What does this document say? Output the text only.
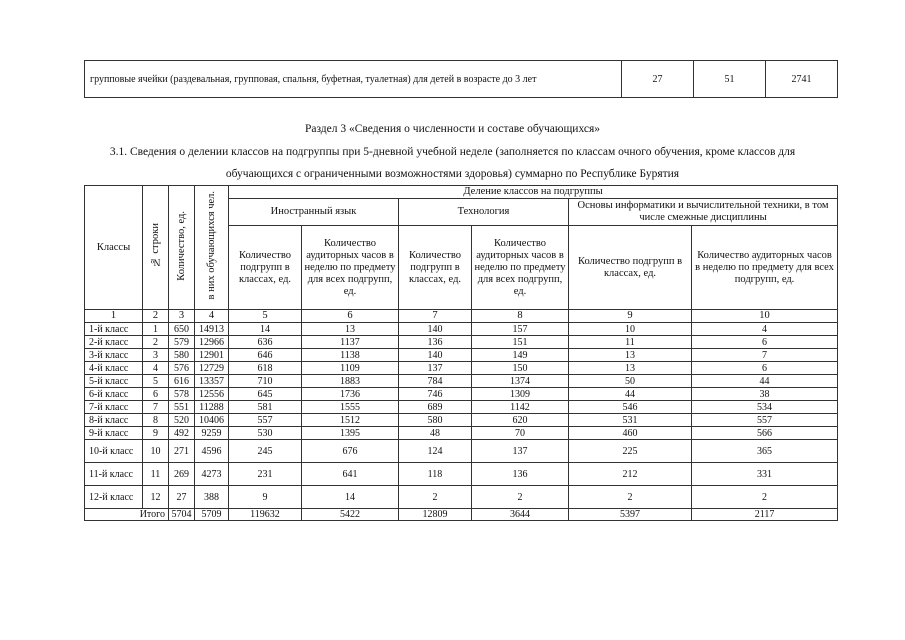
групповые ячейки (раздевальная, групповая, спальня, буфетная, туалетная) для детей в возрасте до 3 лет	27	51	2741
Раздел 3 «Сведения о численности и составе обучающихся»
3.1. Сведения о делении классов на подгруппы при 5-дневной учебной неделе (заполняется по классам очного обучения, кроме классов для
обучающихся с ограниченными возможностями здоровья) суммарно по Республике Бурятия
Классы	№ строки	Количество, ед.	в них обучающихся чел.	Деление классов на подгруппы					
				Иностранный язык		Технология		Основы информатики и вычислительной техники, в том числе смежные дисциплины	
				Количество подгрупп в классах, ед.	Количество аудиторных часов в неделю по предмету для всех подгрупп, ед.	Количество подгрупп в классах, ед.	Количество аудиторных часов в неделю по предмету для всех подгрупп, ед.	Количество подгрупп в классах, ед.	Количество аудиторных часов в неделю по предмету для всех подгрупп, ед.
1	2	3	4	5	6	7	8	9	10
1-й класс	1	650	14913	14	13	140	157	10	4
2-й класс	2	579	12966	636	1137	136	151	11	6
3-й класс	3	580	12901	646	1138	140	149	13	7
4-й класс	4	576	12729	618	1109	137	150	13	6
5-й класс	5	616	13357	710	1883	784	1374	50	44
6-й класс	6	578	12556	645	1736	746	1309	44	38
7-й класс	7	551	11288	581	1555	689	1142	546	534
8-й класс	8	520	10406	557	1512	580	620	531	557
9-й класс	9	492	9259	530	1395	48	70	460	566
10-й класс	10	271	4596	245	676	124	137	225	365
11-й класс	11	269	4273	231	641	118	136	212	331
12-й класс	12	27	388	9	14	2	2	2	2
Итого		5704	5709	119632	5422	12809	3644	5397	2117
